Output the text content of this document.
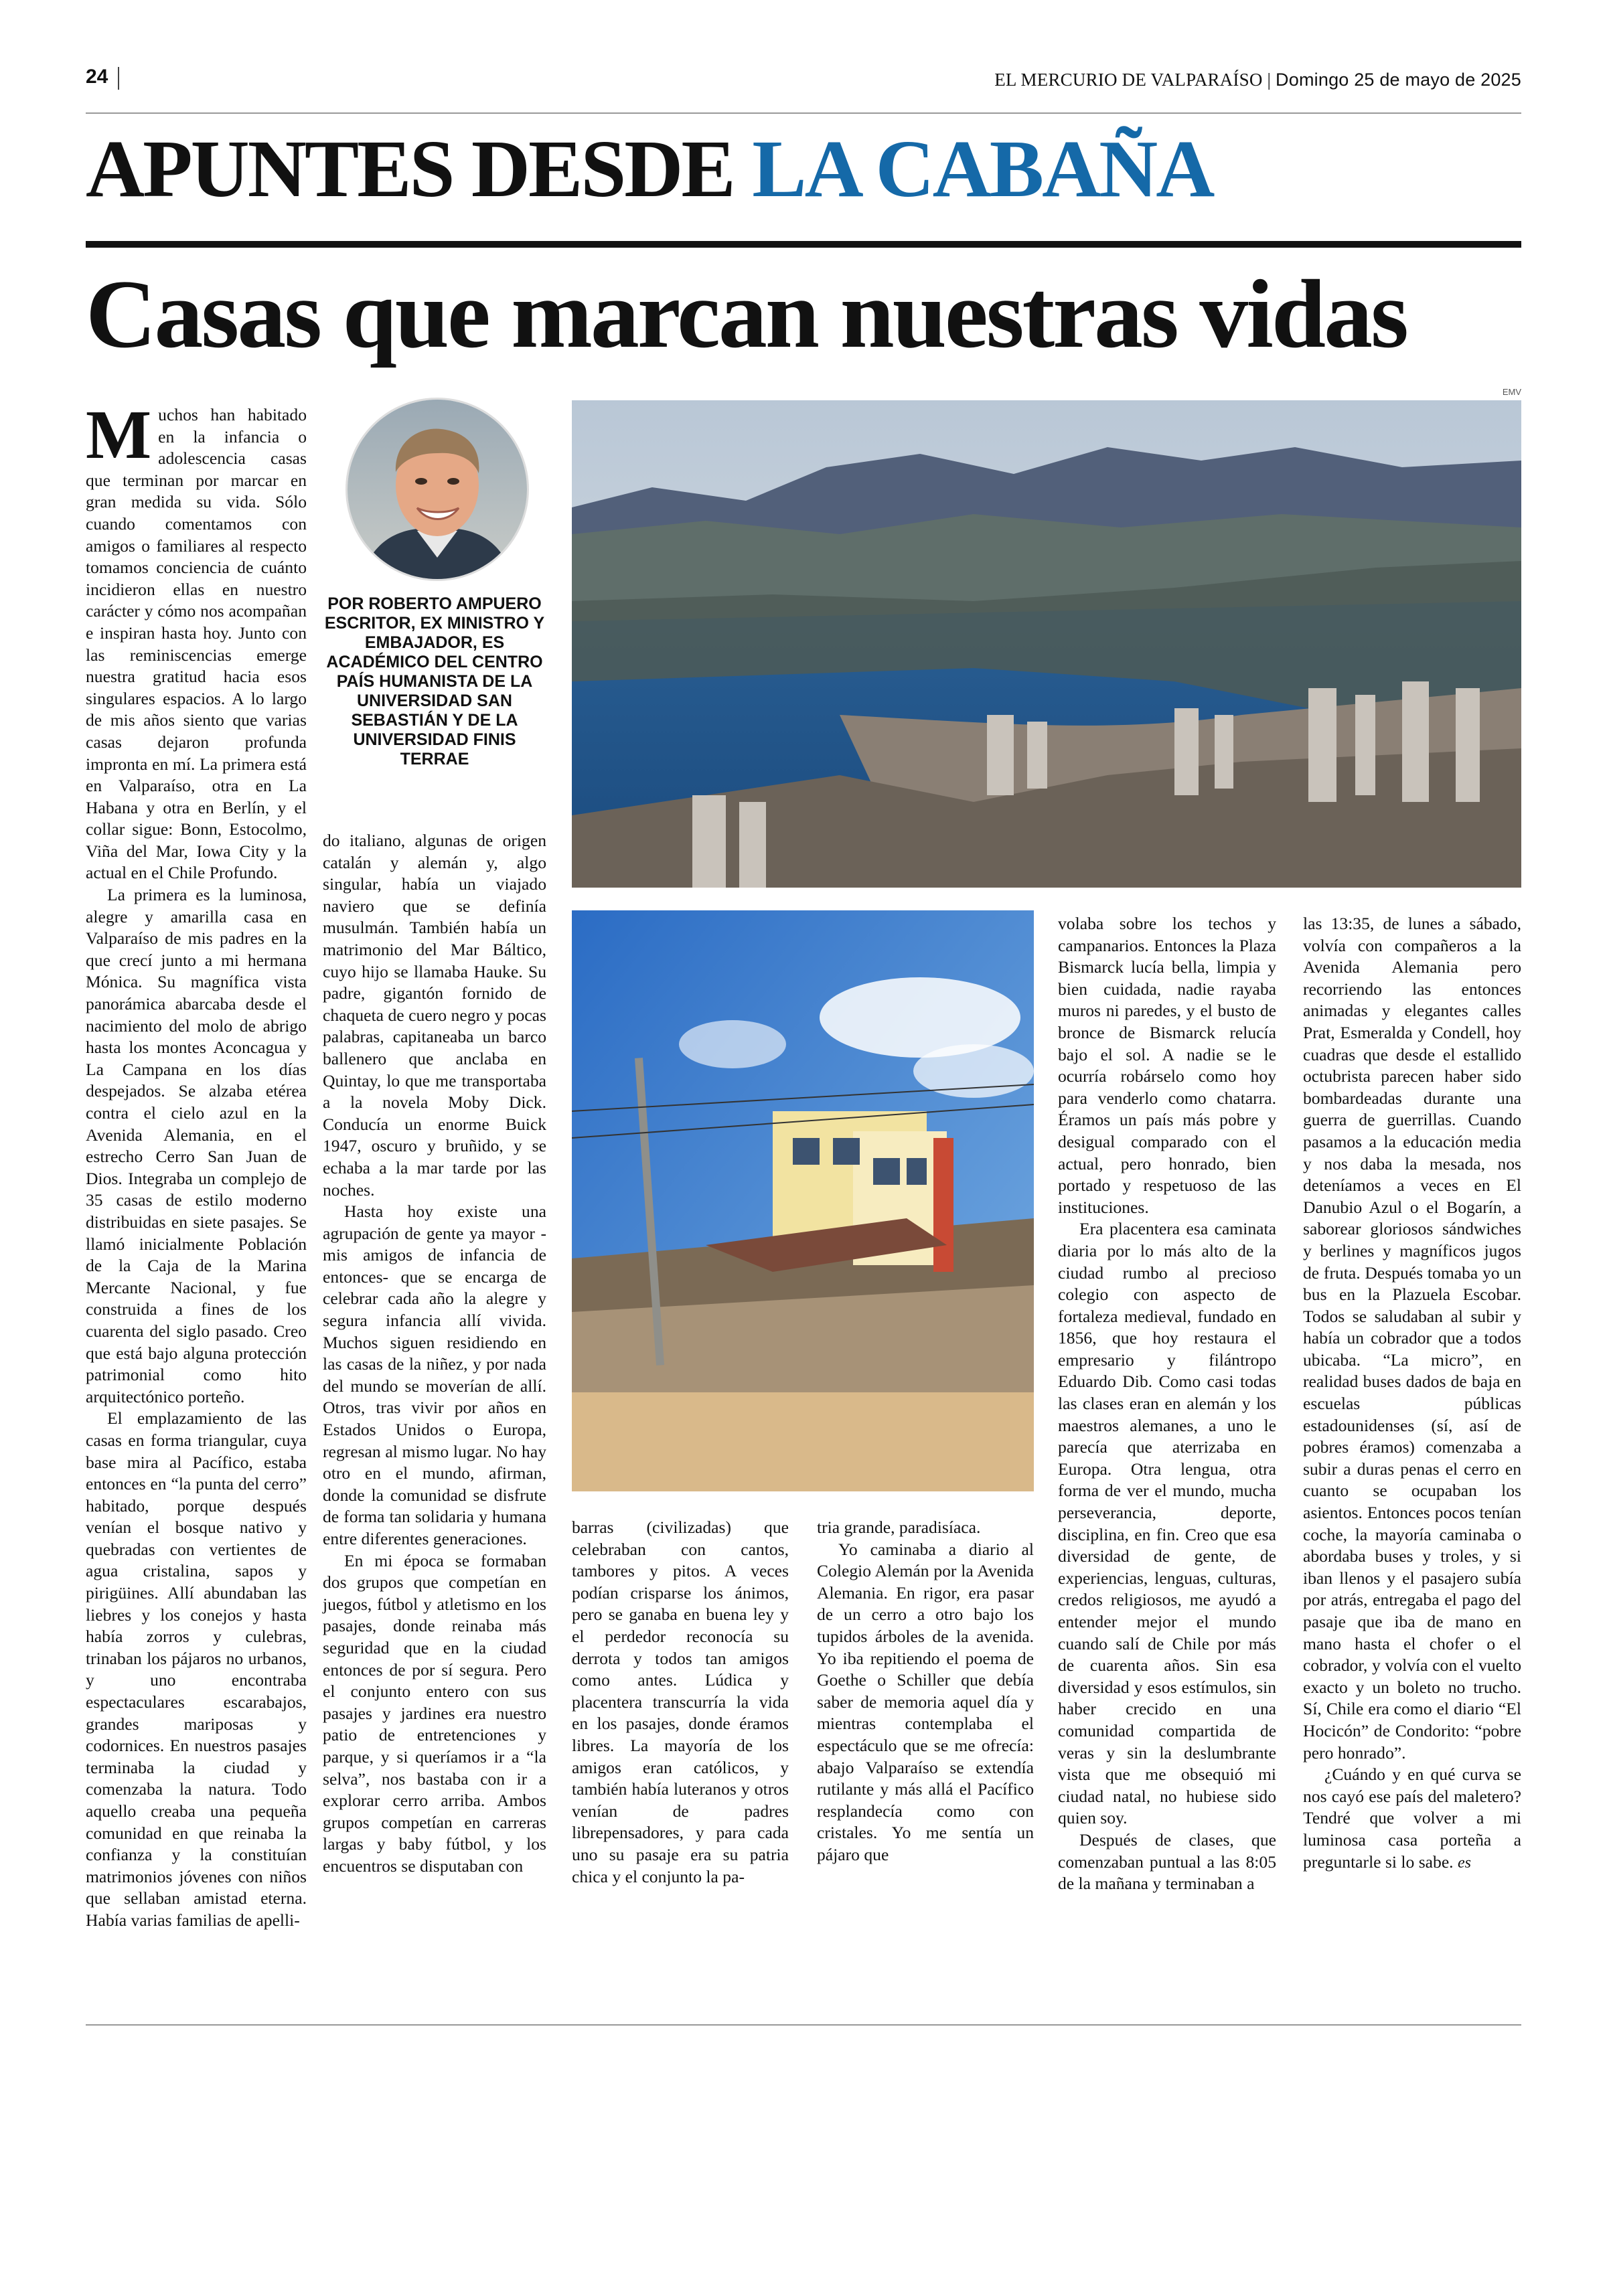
24	EL MERCURIO DE VALPARAÍSO | Domingo 25 de mayo de 2025
APUNTES DESDE LA CABAÑA
Casas que marcan nuestras vidas

Muchos han habitado en la infancia o adolescencia casas que terminan por marcar en gran medida su vida. Sólo cuando comentamos con amigos o familiares al respecto tomamos conciencia de cuánto incidieron ellas en nuestro carácter y cómo nos acompañan e inspiran hasta hoy. Junto con las reminiscencias emerge nuestra gratitud hacia esos singulares espacios. A lo largo de mis años siento que varias casas dejaron profunda impronta en mí. La primera está en Valparaíso, otra en La Habana y otra en Berlín, y el collar sigue: Bonn, Estocolmo, Viña del Mar, Iowa City y la actual en el Chile Profundo.

La primera es la luminosa, alegre y amarilla casa en Valparaíso de mis padres en la que crecí junto a mi hermana Mónica. Su magnífica vista panorámica abarcaba desde el nacimiento del molo de abrigo hasta los montes Aconcagua y La Campana en los días despejados. Se alzaba etérea contra el cielo azul en la Avenida Alemania, en el estrecho Cerro San Juan de Dios. Integraba un complejo de 35 casas de estilo moderno distribuidas en siete pasajes. Se llamó inicialmente Población de la Caja de la Marina Mercante Nacional, y fue construida a fines de los cuarenta del siglo pasado. Creo que está bajo alguna protección patrimonial como hito arquitectónico porteño.

El emplazamiento de las casas en forma triangular, cuya base mira al Pacífico, estaba entonces en “la punta del cerro” habitado, porque después venían el bosque nativo y quebradas con vertientes de agua cristalina, sapos y pirigüines. Allí abundaban las liebres y los conejos y hasta había zorros y culebras, trinaban los pájaros no urbanos, y uno encontraba espectaculares escarabajos, grandes mariposas y codornices. En nuestros pasajes terminaba la ciudad y comenzaba la natura. Todo aquello creaba una pequeña comunidad en que reinaba la confianza y la constituían matrimonios jóvenes con niños que sellaban amistad eterna. Había varias familias de apelli-

POR ROBERTO AMPUERO ESCRITOR, EX MINISTRO Y EMBAJADOR, ES ACADÉMICO DEL CENTRO PAÍS HUMANISTA DE LA UNIVERSIDAD SAN SEBASTIÁN Y DE LA UNIVERSIDAD FINIS TERRAE

do italiano, algunas de origen catalán y alemán y, algo singular, había un viajado naviero que se definía musulmán. También había un matrimonio del Mar Báltico, cuyo hijo se llamaba Hauke. Su padre, gigantón fornido de chaqueta de cuero negro y pocas palabras, capitaneaba un barco ballenero que anclaba en Quintay, lo que me transportaba a la novela Moby Dick. Conducía un enorme Buick 1947, oscuro y bruñido, y se echaba a la mar tarde por las noches.

Hasta hoy existe una agrupación de gente ya mayor -mis amigos de infancia de entonces- que se encarga de celebrar cada año la alegre y segura infancia allí vivida. Muchos siguen residiendo en las casas de la niñez, y por nada del mundo se moverían de allí. Otros, tras vivir por años en Estados Unidos o Europa, regresan al mismo lugar. No hay otro en el mundo, afirman, donde la comunidad se disfrute de forma tan solidaria y humana entre diferentes generaciones.

En mi época se formaban dos grupos que competían en juegos, fútbol y atletismo en los pasajes, donde reinaba más seguridad que en la ciudad entonces de por sí segura. Pero el conjunto entero con sus pasajes y jardines era nuestro patio de entretenciones y parque, y si queríamos ir a “la selva”, nos bastaba con ir a explorar cerro arriba. Ambos grupos competían en carreras largas y baby fútbol, y los encuentros se disputaban con

EMV

barras (civilizadas) que celebraban con cantos, tambores y pitos. A veces podían crisparse los ánimos, pero se ganaba en buena ley y el perdedor reconocía su derrota y todos tan amigos como antes. Lúdica y placentera transcurría la vida en los pasajes, donde éramos libres. La mayoría de los amigos eran católicos, y también había luteranos y otros venían de padres librepensadores, y para cada uno su pasaje era su patria chica y el conjunto la pa-

tria grande, paradisíaca.

Yo caminaba a diario al Colegio Alemán por la Avenida Alemania. En rigor, era pasar de un cerro a otro bajo los tupidos árboles de la avenida. Yo iba repitiendo el poema de Goethe o Schiller que debía saber de memoria aquel día y mientras contemplaba el espectáculo que se me ofrecía: abajo Valparaíso se extendía rutilante y más allá el Pacífico resplandecía como con cristales. Yo me sentía un pájaro que

volaba sobre los techos y campanarios. Entonces la Plaza Bismarck lucía bella, limpia y bien cuidada, nadie rayaba muros ni paredes, y el busto de bronce de Bismarck relucía bajo el sol. A nadie se le ocurría robárselo como hoy para venderlo como chatarra. Éramos un país más pobre y desigual comparado con el actual, pero honrado, bien portado y respetuoso de las instituciones.

Era placentera esa caminata diaria por lo más alto de la ciudad rumbo al precioso colegio con aspecto de fortaleza medieval, fundado en 1856, que hoy restaura el empresario y filántropo Eduardo Dib. Como casi todas las clases eran en alemán y los maestros alemanes, a uno le parecía que aterrizaba en Europa. Otra lengua, otra forma de ver el mundo, mucha perseverancia, deporte, disciplina, en fin. Creo que esa diversidad de gente, de experiencias, lenguas, culturas, credos religiosos, me ayudó a entender mejor el mundo cuando salí de Chile por más de cuarenta años. Sin esa diversidad y esos estímulos, sin haber crecido en una comunidad compartida de veras y sin la deslumbrante vista que me obsequió mi ciudad natal, no hubiese sido quien soy.

Después de clases, que comenzaban puntual a las 8:05 de la mañana y terminaban a

las 13:35, de lunes a sábado, volvía con compañeros a la Avenida Alemania pero recorriendo las entonces animadas y elegantes calles Prat, Esmeralda y Condell, hoy cuadras que desde el estallido octubrista parecen haber sido bombardeadas durante una guerra de guerrillas. Cuando pasamos a la educación media y nos daba la mesada, nos deteníamos a veces en El Danubio Azul o el Bogarín, a saborear gloriosos sándwiches y berlines y magníficos jugos de fruta. Después tomaba yo un bus en la Plazuela Escobar. Todos se saludaban al subir y había un cobrador que a todos ubicaba. “La micro”, en realidad buses dados de baja en escuelas públicas estadounidenses (sí, así de pobres éramos) comenzaba a subir a duras penas el cerro en cuanto se ocupaban los asientos. Entonces pocos tenían coche, la mayoría caminaba o abordaba buses y troles, y si iban llenos y el pasajero subía por atrás, entregaba el pago del pasaje que iba de mano en mano hasta el chofer o el cobrador, y volvía con el vuelto exacto y un boleto no trucho. Sí, Chile era como el diario “El Hocicón” de Condorito: “pobre pero honrado”.

¿Cuándo y en qué curva se nos cayó ese país del maletero? Tendré que volver a mi luminosa casa porteña a preguntarle si lo sabe. es
